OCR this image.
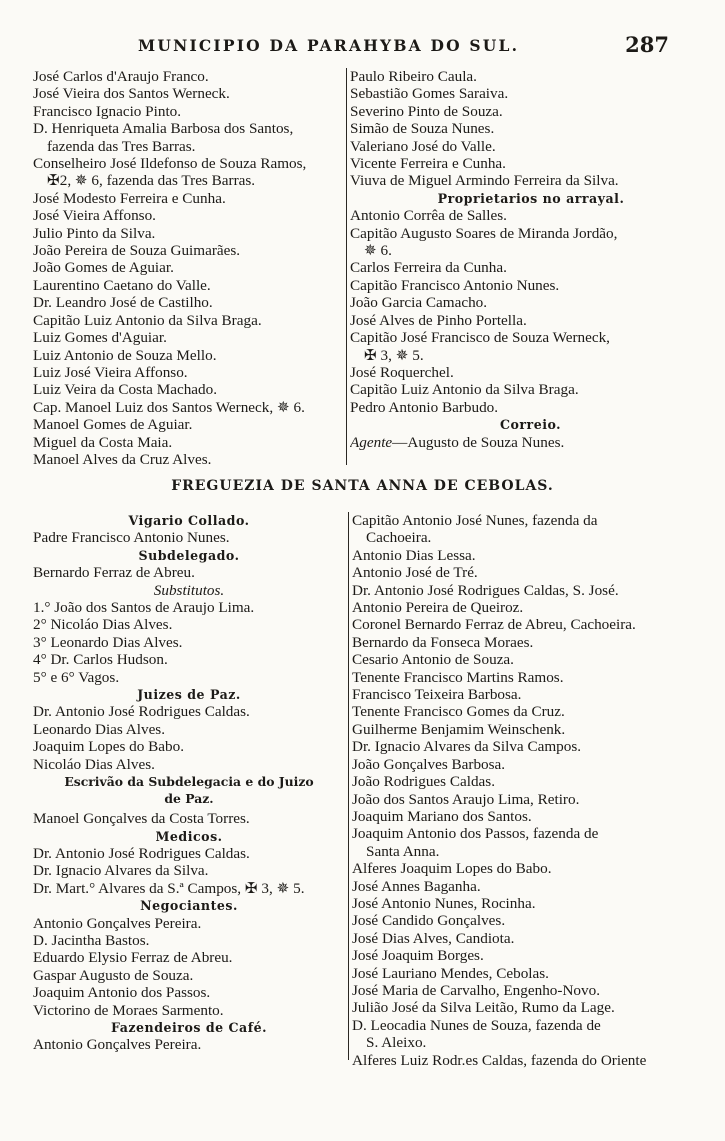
MUNICIPIO DA PARAHYBA DO SUL.	287
José Carlos d'Araujo Franco.
José Vieira dos Santos Werneck.
Francisco Ignacio Pinto.
D. Henriqueta Amalia Barbosa dos Santos,
fazenda das Tres Barras.
Conselheiro José Ildefonso de Souza Ramos,
✠2, ✵ 6, fazenda das Tres Barras.
José Modesto Ferreira e Cunha.
José Vieira Affonso.
Julio Pinto da Silva.
João Pereira de Souza Guimarães.
João Gomes de Aguiar.
Laurentino Caetano do Valle.
Dr. Leandro José de Castilho.
Capitão Luiz Antonio da Silva Braga.
Luiz Gomes d'Aguiar.
Luiz Antonio de Souza Mello.
Luiz José Vieira Affonso.
Luiz Veira da Costa Machado.
Cap. Manoel Luiz dos Santos Werneck, ✵ 6.
Manoel Gomes de Aguiar.
Miguel da Costa Maia.
Manoel Alves da Cruz Alves.
Paulo Ribeiro Caula.
Sebastião Gomes Saraiva.
Severino Pinto de Souza.
Simão de Souza Nunes.
Valeriano José do Valle.
Vicente Ferreira e Cunha.
Viuva de Miguel Armindo Ferreira da Silva.
Proprietarios no arrayal.
Antonio Corrêa de Salles.
Capitão Augusto Soares de Miranda Jordão,
✵ 6.
Carlos Ferreira da Cunha.
Capitão Francisco Antonio Nunes.
João Garcia Camacho.
José Alves de Pinho Portella.
Capitão José Francisco de Souza Werneck,
✠ 3, ✵ 5.
José Roquerchel.
Capitão Luiz Antonio da Silva Braga.
Pedro Antonio Barbudo.
Correio.
Agente—Augusto de Souza Nunes.
FREGUEZIA DE SANTA ANNA DE CEBOLAS.
Vigario Collado.
Padre Francisco Antonio Nunes.
Subdelegado.
Bernardo Ferraz de Abreu.
Substitutos.
1.° João dos Santos de Araujo Lima.
2° Nicoláo Dias Alves.
3° Leonardo Dias Alves.
4° Dr. Carlos Hudson.
5° e 6° Vagos.
Juizes de Paz.
Dr. Antonio José Rodrigues Caldas.
Leonardo Dias Alves.
Joaquim Lopes do Babo.
Nicoláo Dias Alves.
Escrivão da Subdelegacia e do Juizo
de Paz.
Manoel Gonçalves da Costa Torres.
Medicos.
Dr. Antonio José Rodrigues Caldas.
Dr. Ignacio Alvares da Silva.
Dr. Mart.° Alvares da S.ª Campos, ✠ 3, ✵ 5.
Negociantes.
Antonio Gonçalves Pereira.
D. Jacintha Bastos.
Eduardo Elysio Ferraz de Abreu.
Gaspar Augusto de Souza.
Joaquim Antonio dos Passos.
Victorino de Moraes Sarmento.
Fazendeiros de Café.
Antonio Gonçalves Pereira.
Capitão Antonio José Nunes, fazenda da
Cachoeira.
Antonio Dias Lessa.
Antonio José de Tré.
Dr. Antonio José Rodrigues Caldas, S. José.
Antonio Pereira de Queiroz.
Coronel Bernardo Ferraz de Abreu, Cachoeira.
Bernardo da Fonseca Moraes.
Cesario Antonio de Souza.
Tenente Francisco Martins Ramos.
Francisco Teixeira Barbosa.
Tenente Francisco Gomes da Cruz.
Guilherme Benjamim Weinschenk.
Dr. Ignacio Alvares da Silva Campos.
João Gonçalves Barbosa.
João Rodrigues Caldas.
João dos Santos Araujo Lima, Retiro.
Joaquim Mariano dos Santos.
Joaquim Antonio dos Passos, fazenda de
Santa Anna.
Alferes Joaquim Lopes do Babo.
José Annes Baganha.
José Antonio Nunes, Rocinha.
José Candido Gonçalves.
José Dias Alves, Candiota.
José Joaquim Borges.
José Lauriano Mendes, Cebolas.
José Maria de Carvalho, Engenho-Novo.
Julião José da Silva Leitão, Rumo da Lage.
D. Leocadia Nunes de Souza, fazenda de
S. Aleixo.
Alferes Luiz Rodr.es Caldas, fazenda do Oriente
